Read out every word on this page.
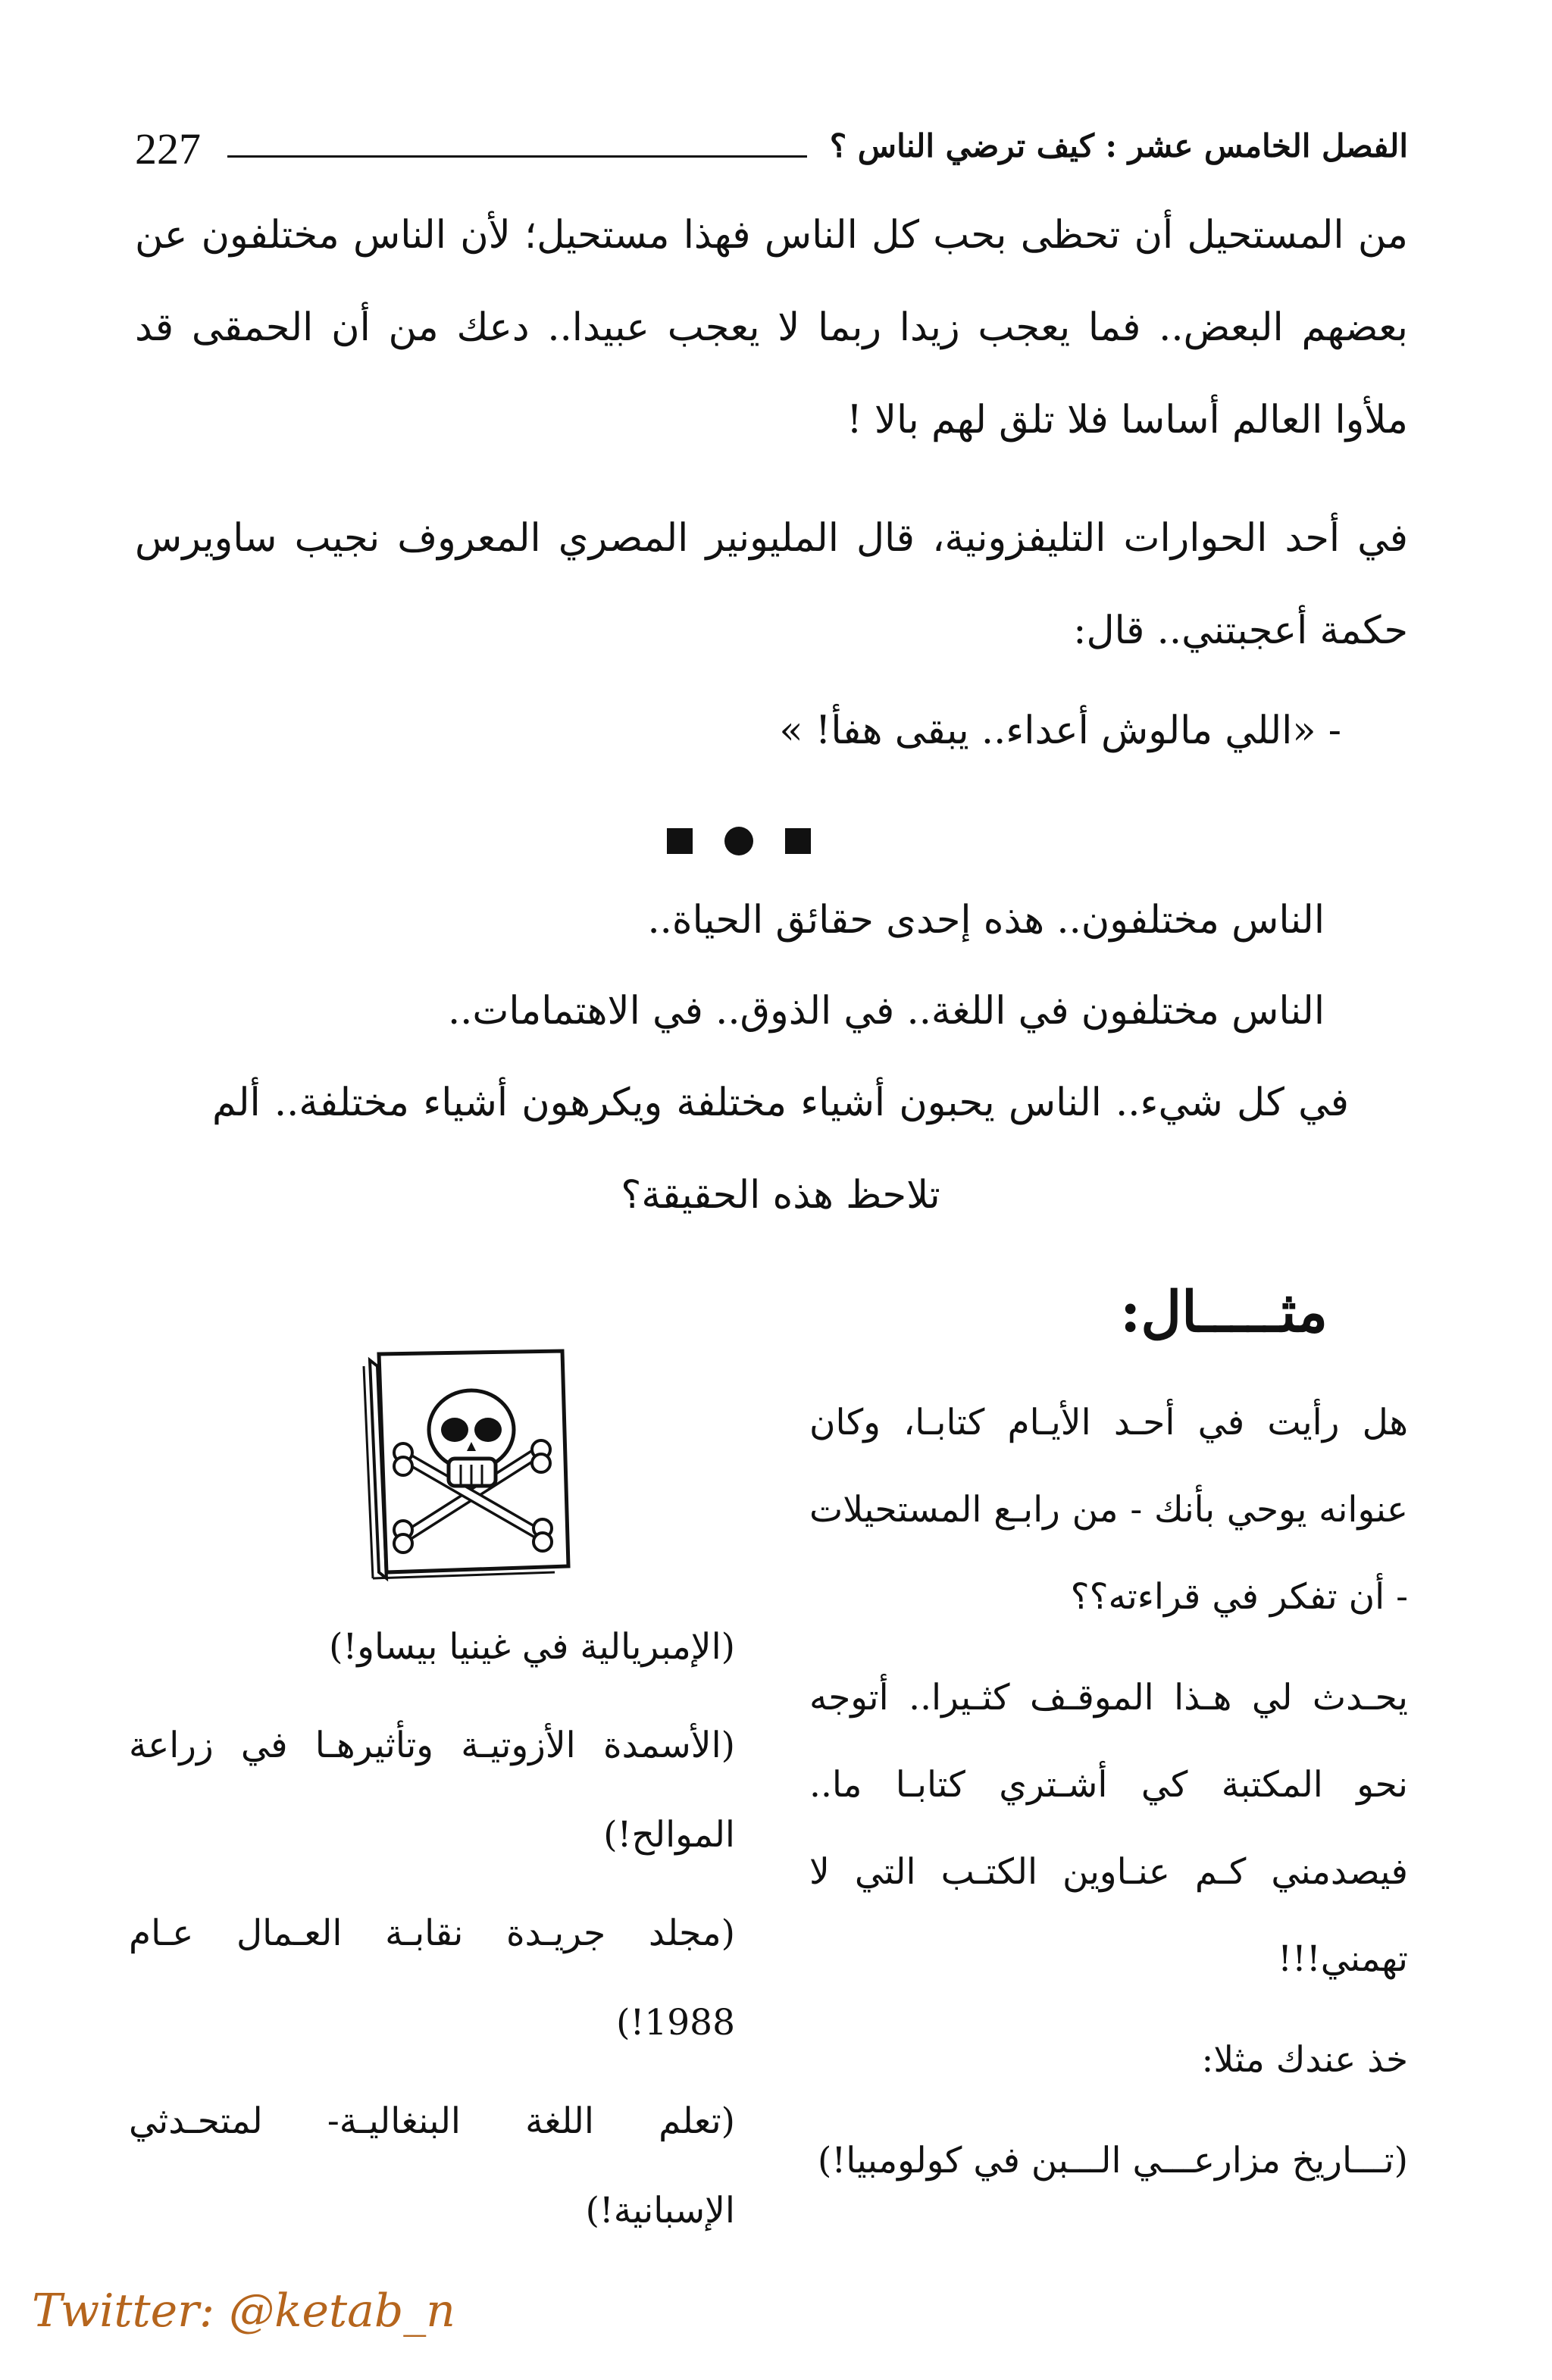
227	الفصل الخامس عشر : كيف ترضي الناس ؟
من المستحيل أن تحظى بحب كل الناس فهذا مستحيل؛ لأن الناس مختلفون عن بعضهم البعض.. فما يعجب زيدا ربما لا يعجب عبيدا.. دعك من أن الحمقى قد ملأوا العالم أساسا فلا تلق لهم بالا !
في أحد الحوارات التليفزونية، قال المليونير المصري المعروف نجيب ساويرس حكمة أعجبتني.. قال:
- «اللي مالوش أعداء.. يبقى هفأ! »
الناس مختلفون.. هذه إحدى حقائق الحياة..
الناس مختلفون في اللغة.. في الذوق.. في الاهتمامات..
في كل شيء.. الناس يحبون أشياء مختلفة ويكرهون أشياء مختلفة.. ألم تلاحظ هذه الحقيقة؟
مثـــــال:

هل رأيت في أحـد الأيـام كتابـا، وكان عنوانه يوحي بأنك - من رابـع المستحيلات - أن تفكر في قراءته؟؟

يحـدث لي هـذا الموقـف كثـيرا.. أتوجه نحو المكتبة كي أشـتري كتابـا ما.. فيصدمني كـم عنـاوين الكتـب التي لا تهمني!!!

خذ عندك مثلا:

(تـــاريخ مزارعـــي الـــبن في كولومبيا!)

(الإمبريالية في غينيا بيساو!)

(الأسمدة الأزوتيـة وتأثيرهـا في زراعة الموالح!)

(مجلد جريـدة نقابـة العـمال عـام 1988!)

(تعلم اللغة البنغاليـة- لمتحـدثي الإسبانية!)

Twitter: @ketab_n
